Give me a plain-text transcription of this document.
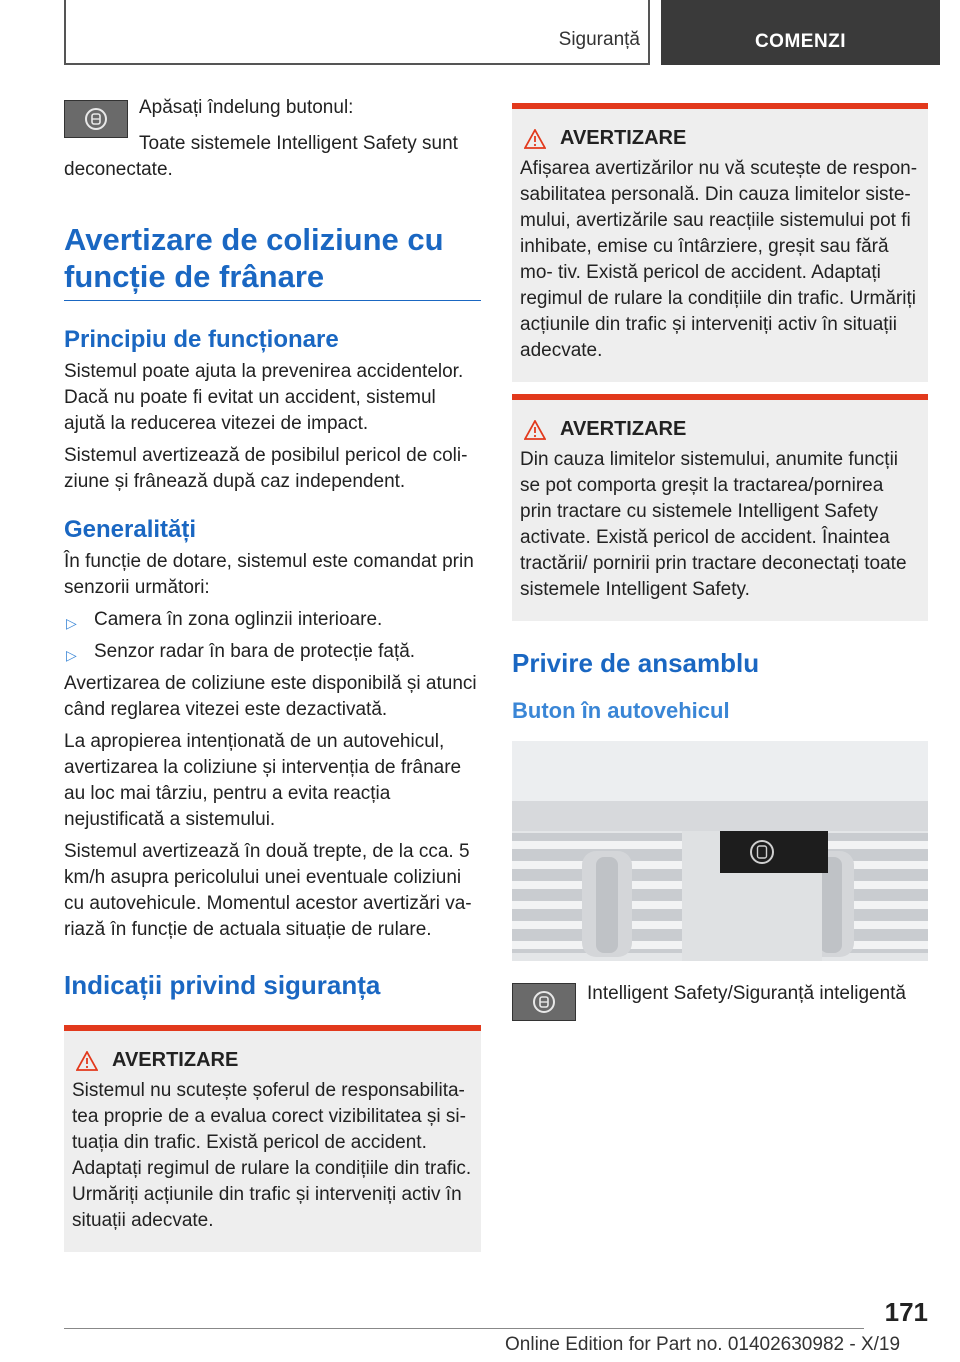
Siguranță	COMENZI

Apăsați îndelung butonul:

Toate sistemele Intelligent Safety sunt deconectate.

Avertizare de coliziune cu funcție de frânare
Principiu de funcționare

Sistemul poate ajuta la prevenirea accidentelor. Dacă nu poate fi evitat un accident, sistemul ajută la reducerea vitezei de impact.

Sistemul avertizează de posibilul pericol de coli- ziune și frânează după caz independent.

Generalități

În funcție de dotare, sistemul este comandat prin senzorii următori:

▷ Camera în zona oglinzii interioare.
▷ Senzor radar în bara de protecție față.

Avertizarea de coliziune este disponibilă și atunci când reglarea vitezei este dezactivată.

La apropierea intenționată de un autovehicul, avertizarea la coliziune și intervenția de frânare au loc mai târziu, pentru a evita reacția nejustificată a sistemului.

Sistemul avertizează în două trepte, de la cca. 5 km/h asupra pericolului unei eventuale coliziuni cu autovehicule. Momentul acestor avertizări va- riază în funcție de actuala situație de rulare.

Indicații privind siguranța
AVERTIZARE

Sistemul nu scutește șoferul de responsabilita- tea proprie de a evalua corect vizibilitatea și si- tuația din trafic. Există pericol de accident. Adaptați regimul de rulare la condițiile din trafic. Urmăriți acțiunile din trafic și interveniți activ în situații adecvate.

AVERTIZARE

Afișarea avertizărilor nu vă scutește de respon- sabilitatea personală. Din cauza limitelor siste- mului, avertizările sau reacțiile sistemului pot fi inhibate, emise cu întârziere, greșit sau fără mo- tiv. Există pericol de accident. Adaptați regimul de rulare la condițiile din trafic. Urmăriți acțiunile din trafic și interveniți activ în situații adecvate.

AVERTIZARE

Din cauza limitelor sistemului, anumite funcții se pot comporta greșit la tractarea/pornirea prin tractare cu sistemele Intelligent Safety activate. Există pericol de accident. Înaintea tractării/ pornirii prin tractare deconectați toate sistemele Intelligent Safety.

Privire de ansamblu
Buton în autovehicul

Intelligent Safety/Siguranță inteligentă

171
Online Edition for Part no. 01402630982 - X/19
